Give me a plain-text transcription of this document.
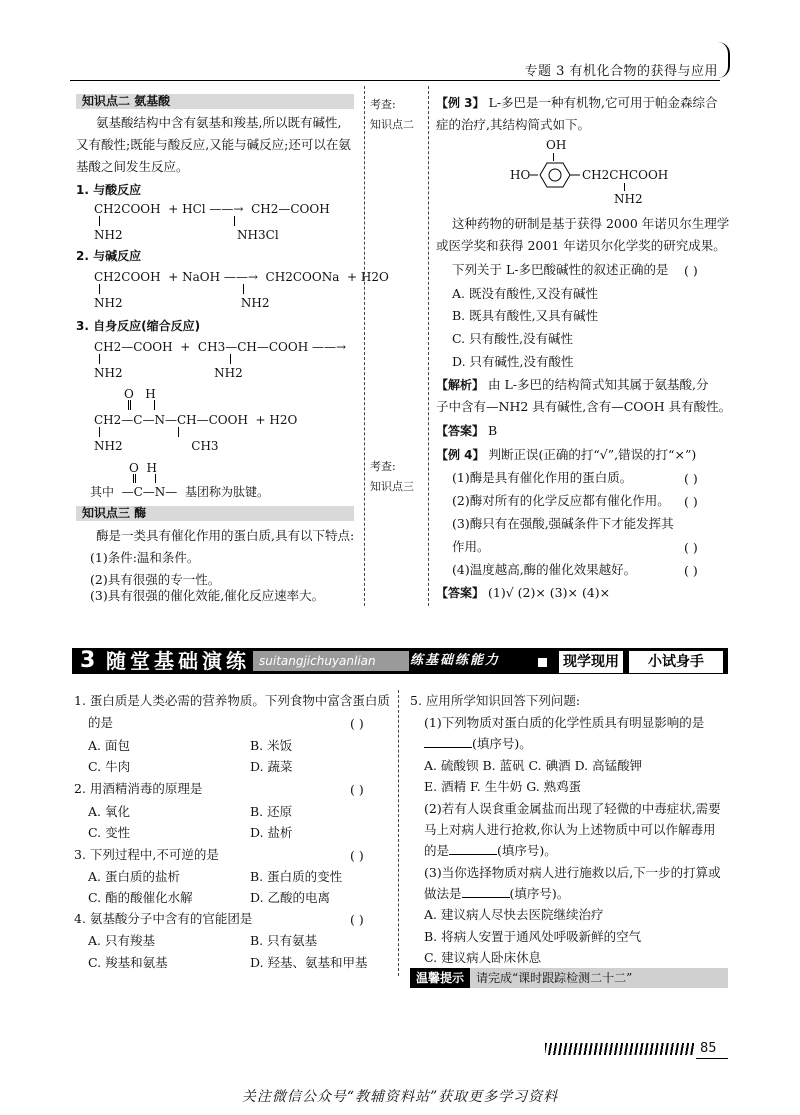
专题 3 有机化合物的获得与应用
知识点二 氨基酸
氨基酸结构中含有氨基和羧基,所以既有碱性,
又有酸性;既能与酸反应,又能与碱反应;还可以在氨
基酸之间发生反应。
1. 与酸反应
CH2COOH  + HCl ——→  CH2—COOH
NH2                              NH3Cl
2. 与碱反应
CH2COOH  + NaOH ——→  CH2COONa  + H2O
NH2                               NH2
3. 自身反应(缩合反应)
CH2—COOH  +  CH3—CH—COOH ——→
NH2                        NH2
O   H
CH2—C—N—CH—COOH  + H2O
NH2                  CH3
O  H
其中  —C—N—  基团称为肽键。
知识点三 酶
酶是一类具有催化作用的蛋白质,具有以下特点:
(1)条件:温和条件。
(2)具有很强的专一性。
(3)具有很强的催化效能,催化反应速率大。
考查:
知识点二
考查:
知识点三
【例 3】 L-多巴是一种有机物,它可用于帕金森综合
症的治疗,其结构简式如下。
OH
HO	CH2CHCOOH
NH2
这种药物的研制是基于获得 2000 年诺贝尔生理学
或医学奖和获得 2001 年诺贝尔化学奖的研究成果。
下列关于 L-多巴酸碱性的叙述正确的是 ( )
A. 既没有酸性,又没有碱性
B. 既具有酸性,又具有碱性
C. 只有酸性,没有碱性
D. 只有碱性,没有酸性
【解析】 由 L-多巴的结构简式知其属于氨基酸,分
子中含有—NH2 具有碱性,含有—COOH 具有酸性。
【答案】 B
【例 4】 判断正误(正确的打“√”,错误的打“×”)
(1)酶是具有催化作用的蛋白质。	( )
(2)酶对所有的化学反应都有催化作用。 ( )
(3)酶只有在强酸,强碱条件下才能发挥其
作用。	( )
(4)温度越高,酶的催化效果越好。	( )
【答案】 (1)√ (2)× (3)× (4)×
3 随堂基础演练 suitangjichuyanlian	练基础练能力	现学现用	小试身手
1. 蛋白质是人类必需的营养物质。下列食物中富含蛋白质
的是	( )
A. 面包	B. 米饭
C. 牛肉	D. 蔬菜
2. 用酒精消毒的原理是	( )
A. 氧化	B. 还原
C. 变性	D. 盐析
3. 下列过程中,不可逆的是	( )
A. 蛋白质的盐析	B. 蛋白质的变性
C. 酯的酸催化水解	D. 乙酸的电离
4. 氨基酸分子中含有的官能团是	( )
A. 只有羧基	B. 只有氨基
C. 羧基和氨基	D. 羟基、氨基和甲基
5. 应用所学知识回答下列问题:
(1)下列物质对蛋白质的化学性质具有明显影响的是
(填序号)。
A. 硫酸钡 B. 蓝矾 C. 碘酒 D. 高锰酸钾
E. 酒精 F. 生牛奶 G. 熟鸡蛋
(2)若有人误食重金属盐而出现了轻微的中毒症状,需要
马上对病人进行抢救,你认为上述物质中可以作解毒用
的是	(填序号)。
(3)当你选择物质对病人进行施救以后,下一步的打算或
做法是	(填序号)。
A. 建议病人尽快去医院继续治疗
B. 将病人安置于通风处呼吸新鲜的空气
C. 建议病人卧床休息
温馨提示 请完成“课时跟踪检测二十二”
85
关注微信公众号“教辅资料站”获取更多学习资料
